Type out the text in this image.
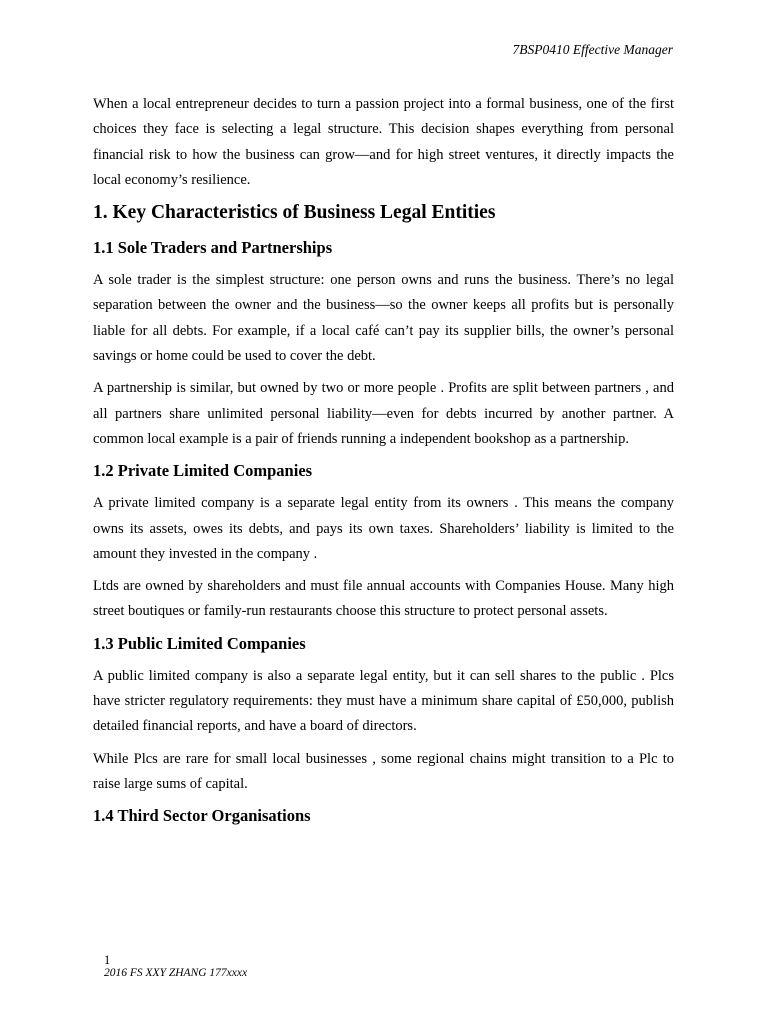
7BSP0410 Effective Manager

When a local entrepreneur decides to turn a passion project into a formal business, one of the first choices they face is selecting a legal structure. This decision shapes everything from personal financial risk to how the business can grow—and for high street ventures, it directly impacts the local economy’s resilience.

1. Key Characteristics of Business Legal Entities
1.1 Sole Traders and Partnerships

A sole trader is the simplest structure: one person owns and runs the business. There’s no legal separation between the owner and the business—so the owner keeps all profits but is personally liable for all debts. For example, if a local café can’t pay its supplier bills, the owner’s personal savings or home could be used to cover the debt.

A partnership is similar, but owned by two or more people . Profits are split between partners , and all partners share unlimited personal liability—even for debts incurred by another partner. A common local example is a pair of friends running a independent bookshop as a partnership.

1.2 Private Limited Companies

A private limited company is a separate legal entity from its owners . This means the company owns its assets, owes its debts, and pays its own taxes. Shareholders’ liability is limited to the amount they invested in the company .

Ltds are owned by shareholders and must file annual accounts with Companies House. Many high street boutiques or family-run restaurants choose this structure to protect personal assets.

1.3 Public Limited Companies

A public limited company is also a separate legal entity, but it can sell shares to the public . Plcs have stricter regulatory requirements: they must have a minimum share capital of £50,000, publish detailed financial reports, and have a board of directors.

While Plcs are rare for small local businesses , some regional chains might transition to a Plc to raise large sums of capital.

1.4 Third Sector Organisations
1
2016 FS XXY ZHANG 177xxxx
